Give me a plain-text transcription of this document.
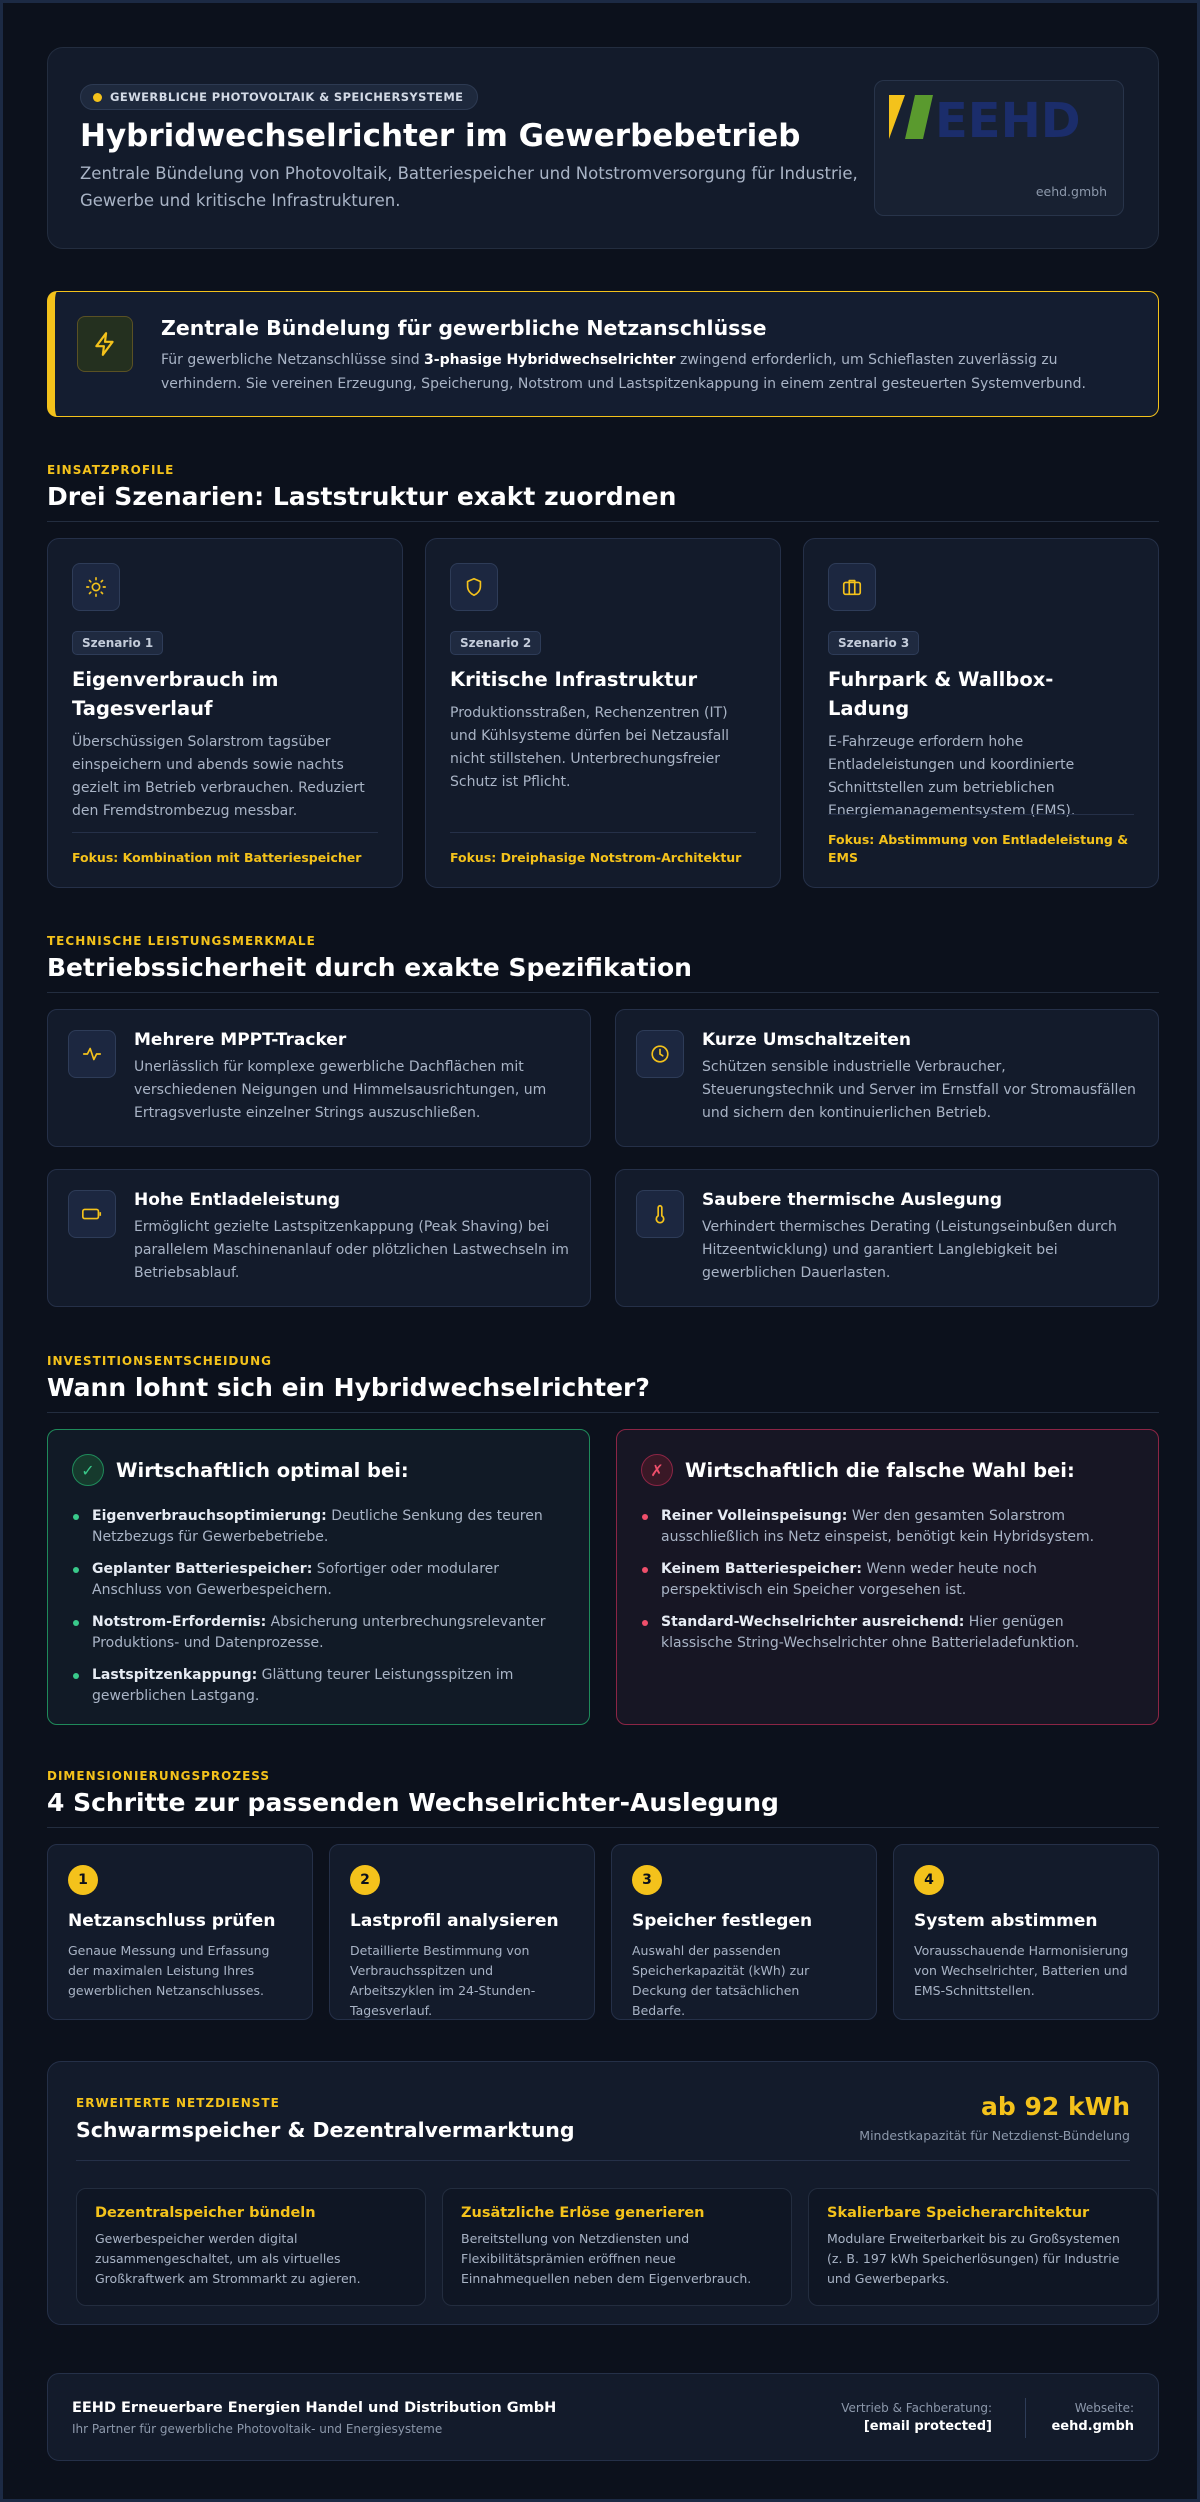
GEWERBLICHE PHOTOVOLTAIK & SPEICHERSYSTEME
Hybridwechselrichter im Gewerbebetrieb
Zentrale Bündelung von Photovoltaik, Batteriespeicher und Notstromversorgung für Industrie, Gewerbe und kritische Infrastrukturen.
EEHD
eehd.gmbh
Zentrale Bündelung für gewerbliche Netzanschlüsse
Für gewerbliche Netzanschlüsse sind 3-phasige Hybridwechselrichter zwingend erforderlich, um Schieflasten zuverlässig zu verhindern. Sie vereinen Erzeugung, Speicherung, Notstrom und Lastspitzenkappung in einem zentral gesteuerten Systemverbund.
EINSATZPROFILE
Drei Szenarien: Laststruktur exakt zuordnen
Szenario 1
Eigenverbrauch im Tagesverlauf
Überschüssigen Solarstrom tagsüber einspeichern und abends sowie nachts gezielt im Betrieb verbrauchen. Reduziert den Fremdstrombezug messbar.
Fokus: Kombination mit Batteriespeicher
Szenario 2
Kritische Infrastruktur
Produktionsstraßen, Rechenzentren (IT) und Kühlsysteme dürfen bei Netzausfall nicht stillstehen. Unterbrechungsfreier Schutz ist Pflicht.
Fokus: Dreiphasige Notstrom-Architektur
Szenario 3
Fuhrpark & Wallbox-Ladung
E-Fahrzeuge erfordern hohe Entladeleistungen und koordinierte Schnittstellen zum betrieblichen Energiemanagementsystem (EMS).
Fokus: Abstimmung von Entladeleistung & EMS
TECHNISCHE LEISTUNGSMERKMALE
Betriebssicherheit durch exakte Spezifikation
Mehrere MPPT-Tracker
Unerlässlich für komplexe gewerbliche Dachflächen mit verschiedenen Neigungen und Himmelsausrichtungen, um Ertragsverluste einzelner Strings auszuschließen.
Kurze Umschaltzeiten
Schützen sensible industrielle Verbraucher, Steuerungstechnik und Server im Ernstfall vor Stromausfällen und sichern den kontinuierlichen Betrieb.
Hohe Entladeleistung
Ermöglicht gezielte Lastspitzenkappung (Peak Shaving) bei parallelem Maschinenanlauf oder plötzlichen Lastwechseln im Betriebsablauf.
Saubere thermische Auslegung
Verhindert thermisches Derating (Leistungseinbußen durch Hitzeentwicklung) und garantiert Langlebigkeit bei gewerblichen Dauerlasten.
INVESTITIONSENTSCHEIDUNG
Wann lohnt sich ein Hybridwechselrichter?
✓	Wirtschaftlich optimal bei:
Eigenverbrauchsoptimierung: Deutliche Senkung des teuren Netzbezugs für Gewerbebetriebe.
Geplanter Batteriespeicher: Sofortiger oder modularer Anschluss von Gewerbespeichern.
Notstrom-Erfordernis: Absicherung unterbrechungsrelevanter Produktions- und Datenprozesse.
Lastspitzenkappung: Glättung teurer Leistungsspitzen im gewerblichen Lastgang.
✗	Wirtschaftlich die falsche Wahl bei:
Reiner Volleinspeisung: Wer den gesamten Solarstrom ausschließlich ins Netz einspeist, benötigt kein Hybridsystem.
Keinem Batteriespeicher: Wenn weder heute noch perspektivisch ein Speicher vorgesehen ist.
Standard-Wechselrichter ausreichend: Hier genügen klassische String-Wechselrichter ohne Batterieladefunktion.
DIMENSIONIERUNGSPROZESS
4 Schritte zur passenden Wechselrichter-Auslegung
1
Netzanschluss prüfen
Genaue Messung und Erfassung der maximalen Leistung Ihres gewerblichen Netzanschlusses.
2
Lastprofil analysieren
Detaillierte Bestimmung von Verbrauchsspitzen und Arbeitszyklen im 24-Stunden-Tagesverlauf.
3
Speicher festlegen
Auswahl der passenden Speicherkapazität (kWh) zur Deckung der tatsächlichen Bedarfe.
4
System abstimmen
Vorausschauende Harmonisierung von Wechselrichter, Batterien und EMS-Schnittstellen.
ERWEITERTE NETZDIENSTE
Schwarmspeicher & Dezentralvermarktung
ab 92 kWh
Mindestkapazität für Netzdienst-Bündelung
Dezentralspeicher bündeln
Gewerbespeicher werden digital zusammengeschaltet, um als virtuelles Großkraftwerk am Strommarkt zu agieren.
Zusätzliche Erlöse generieren
Bereitstellung von Netzdiensten und Flexibilitätsprämien eröffnen neue Einnahmequellen neben dem Eigenverbrauch.
Skalierbare Speicherarchitektur
Modulare Erweiterbarkeit bis zu Großsystemen (z. B. 197 kWh Speicherlösungen) für Industrie und Gewerbeparks.
EEHD Erneuerbare Energien Handel und Distribution GmbH
Ihr Partner für gewerbliche Photovoltaik- und Energiesysteme
Vertrieb & Fachberatung:
[email protected]
Webseite:
eehd.gmbh
